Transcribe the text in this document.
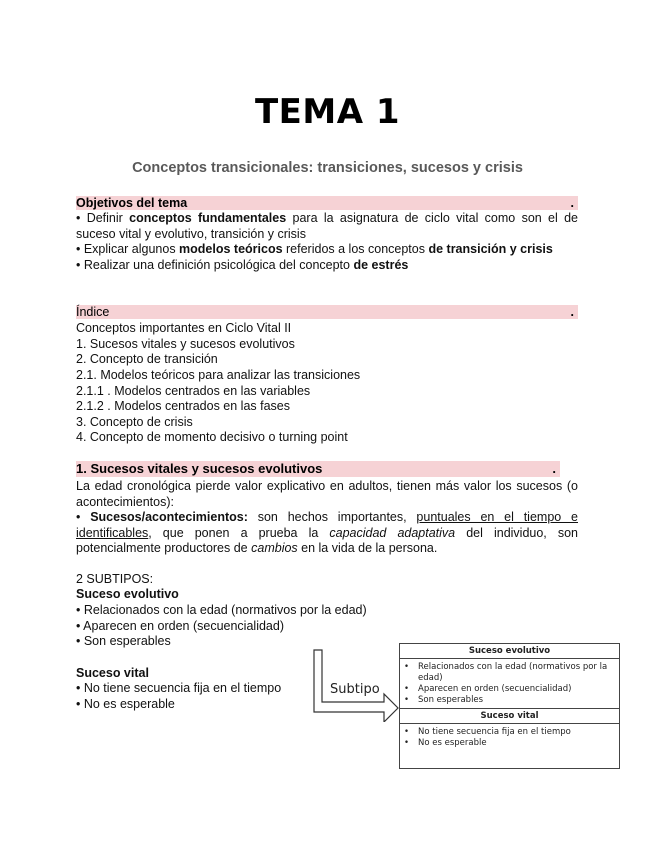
TEMA 1
Conceptos transicionales: transiciones, sucesos y crisis
Objetivos del tema	.
• Definir conceptos fundamentales para la asignatura de ciclo vital como son el de suceso vital y evolutivo, transición y crisis
• Explicar algunos modelos teóricos referidos a los conceptos de transición y crisis
• Realizar una definición psicológica del concepto de estrés
Índice	.
Conceptos importantes en Ciclo Vital II
1. Sucesos vitales y sucesos evolutivos
2. Concepto de transición
2.1. Modelos teóricos para analizar las transiciones
2.1.1 . Modelos centrados en las variables
2.1.2 . Modelos centrados en las fases
3. Concepto de crisis
4. Concepto de momento decisivo o turning point
1. Sucesos vitales y sucesos evolutivos	.
La edad cronológica pierde valor explicativo en adultos, tienen más valor los sucesos (o acontecimientos):
• Sucesos/acontecimientos: son hechos importantes, puntuales en el tiempo e identificables, que ponen a prueba la capacidad adaptativa del individuo, son potencialmente productores de cambios en la vida de la persona.
2 SUBTIPOS:
Suceso evolutivo
• Relacionados con la edad (normativos por la edad)
• Aparecen en orden (secuencialidad)
• Son esperables
Suceso vital
• No tiene secuencia fija en el tiempo
• No es esperable
Subtipo
Suceso evolutivo
• Relacionados con la edad (normativos por la edad)
• Aparecen en orden (secuencialidad)
• Son esperables
Suceso vital
• No tiene secuencia fija en el tiempo
• No es esperable
